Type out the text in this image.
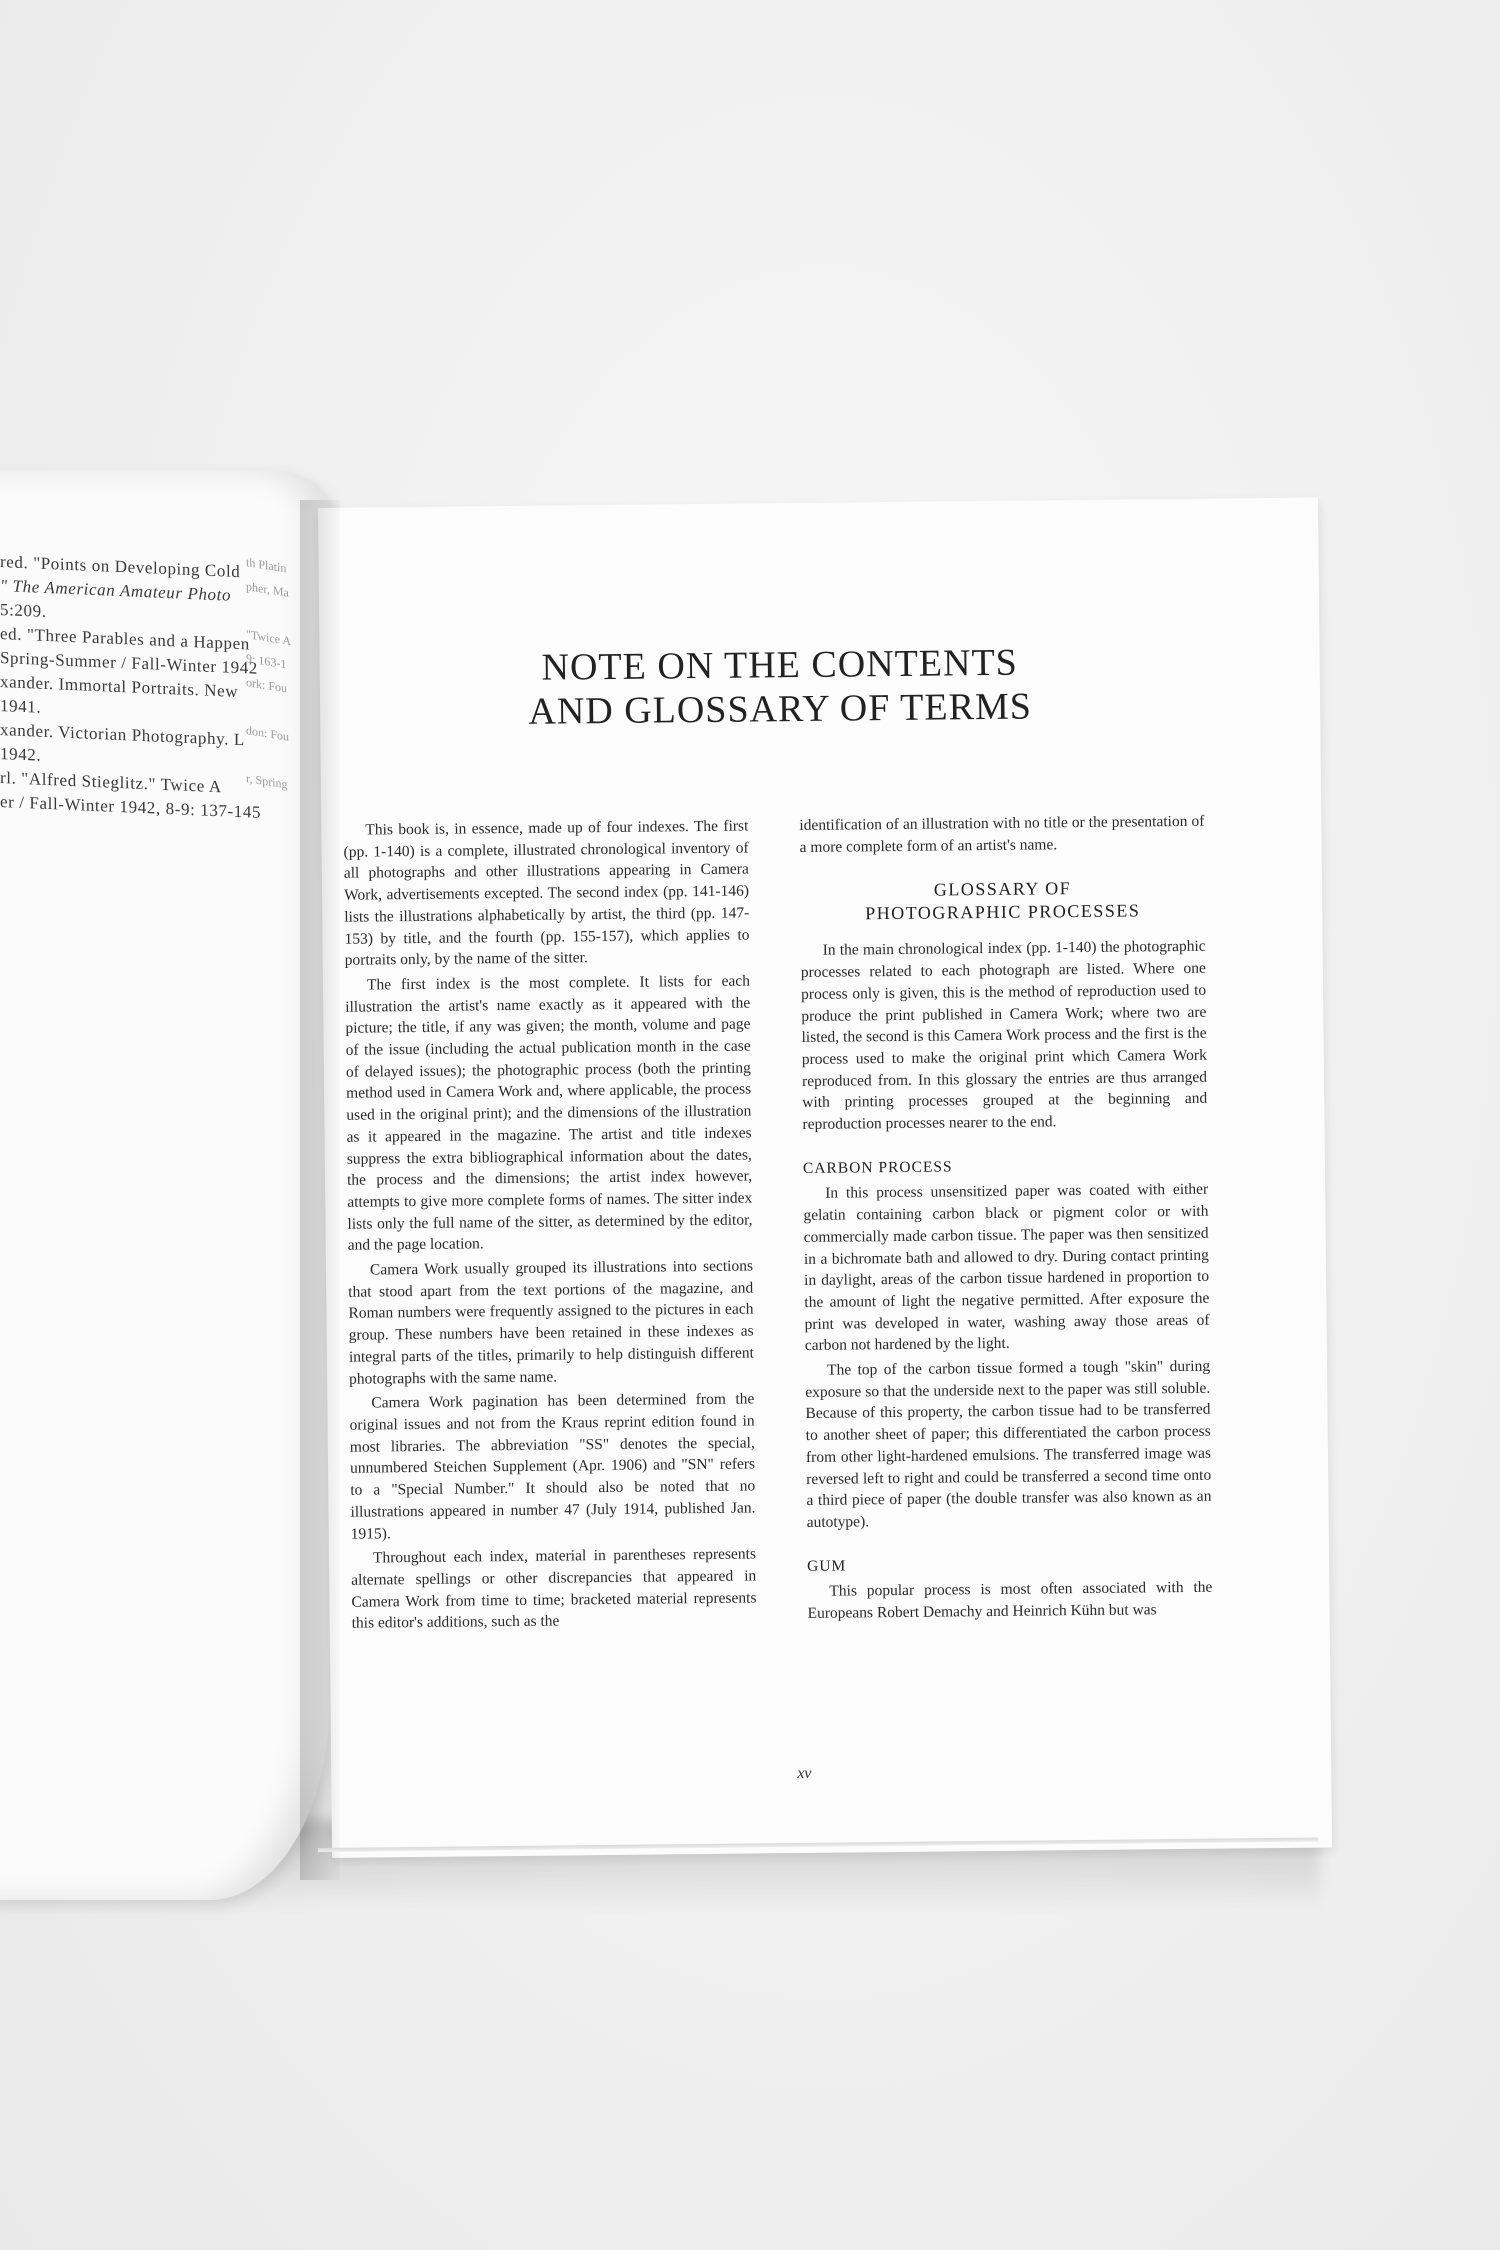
red. "Points on Developing Cold
" The American Amateur Photo
5:209.
ed. "Three Parables and a Happen
Spring-Summer / Fall-Winter 1942
xander. Immortal Portraits. New
1941.
xander. Victorian Photography. L
1942.
rl. "Alfred Stieglitz." Twice A
er / Fall-Winter 1942, 8-9: 137-145
th Platin
pher, Ma

"Twice A
9: 163-1
ork: Fou

don: Fou

r, Spring
NOTE ON THE CONTENTS
AND GLOSSARY OF TERMS

This book is, in essence, made up of four indexes. The first (pp. 1-140) is a complete, illustrated chronological inventory of all photographs and other illustrations appearing in Camera Work, advertisements excepted. The second index (pp. 141-146) lists the illustrations alphabetically by artist, the third (pp. 147-153) by title, and the fourth (pp. 155-157), which applies to portraits only, by the name of the sitter.

The first index is the most complete. It lists for each illustration the artist's name exactly as it appeared with the picture; the title, if any was given; the month, volume and page of the issue (including the actual publication month in the case of delayed issues); the photographic process (both the printing method used in Camera Work and, where applicable, the process used in the original print); and the dimensions of the illustration as it appeared in the magazine. The artist and title indexes suppress the extra bibliographical information about the dates, the process and the dimensions; the artist index however, attempts to give more complete forms of names. The sitter index lists only the full name of the sitter, as determined by the editor, and the page location.

Camera Work usually grouped its illustrations into sections that stood apart from the text portions of the magazine, and Roman numbers were frequently assigned to the pictures in each group. These numbers have been retained in these indexes as integral parts of the titles, primarily to help distinguish different photographs with the same name.

Camera Work pagination has been determined from the original issues and not from the Kraus reprint edition found in most libraries. The abbreviation "SS" denotes the special, unnumbered Steichen Supplement (Apr. 1906) and "SN" refers to a "Special Number." It should also be noted that no illustrations appeared in number 47 (July 1914, published Jan. 1915).

Throughout each index, material in parentheses represents alternate spellings or other discrepancies that appeared in Camera Work from time to time; bracketed material represents this editor's additions, such as the

identification of an illustration with no title or the presentation of a more complete form of an artist's name.

GLOSSARY OF
PHOTOGRAPHIC PROCESSES

In the main chronological index (pp. 1-140) the photographic processes related to each photograph are listed. Where one process only is given, this is the method of reproduction used to produce the print published in Camera Work; where two are listed, the second is this Camera Work process and the first is the process used to make the original print which Camera Work reproduced from. In this glossary the entries are thus arranged with printing processes grouped at the beginning and reproduction processes nearer to the end.

CARBON PROCESS

In this process unsensitized paper was coated with either gelatin containing carbon black or pigment color or with commercially made carbon tissue. The paper was then sensitized in a bichromate bath and allowed to dry. During contact printing in daylight, areas of the carbon tissue hardened in proportion to the amount of light the negative permitted. After exposure the print was developed in water, washing away those areas of carbon not hardened by the light.

The top of the carbon tissue formed a tough "skin" during exposure so that the underside next to the paper was still soluble. Because of this property, the carbon tissue had to be transferred to another sheet of paper; this differentiated the carbon process from other light-hardened emulsions. The transferred image was reversed left to right and could be transferred a second time onto a third piece of paper (the double transfer was also known as an autotype).

GUM

This popular process is most often associated with the Europeans Robert Demachy and Heinrich Kühn but was

xv
